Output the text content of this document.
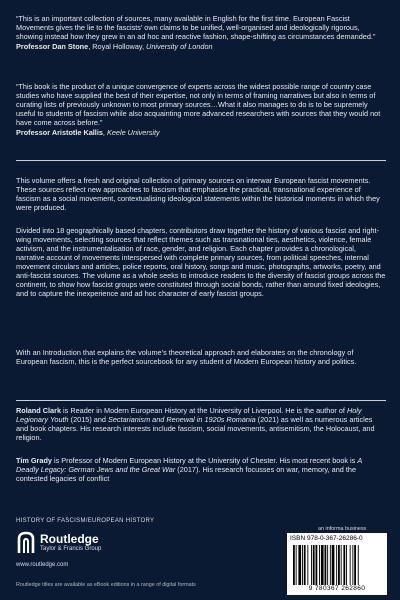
“This is an important collection of sources, many available in English for the first time. European Fascist Movements gives the lie to the fascists’ own claims to be unified, well-organised and ideologically rigorous, showing instead how they grew in an ad hoc and reactive fashion, shape-shifting as circumstances demanded.”

Professor Dan Stone, Royal Holloway, University of London

“This book is the product of a unique convergence of experts across the widest possible range of country case studies who have supplied the best of their expertise, not only in terms of framing narratives but also in terms of curating lists of previously unknown to most primary sources…What it also manages to do is to be supremely useful to students of fascism while also acquainting more advanced researchers with sources that they would not have come across before.”

Professor Aristotle Kallis, Keele University

This volume offers a fresh and original collection of primary sources on interwar European fascist movements. These sources reflect new approaches to fascism that emphasise the practical, transnational experience of fascism as a social movement, contextualising ideological statements within the historical moments in which they were produced.

Divided into 18 geographically based chapters, contributors draw together the history of various fascist and right-wing movements, selecting sources that reflect themes such as transnational ties, aesthetics, violence, female activism, and the instrumentalisation of race, gender, and religion. Each chapter provides a chronological, narrative account of movements interspersed with complete primary sources, from political speeches, internal movement circulars and articles, police reports, oral history, songs and music, photographs, artworks, poetry, and anti-fascist sources. The volume as a whole seeks to introduce readers to the diversity of fascist groups across the continent, to show how fascist groups were constituted through social bonds, rather than around fixed ideologies, and to capture the inexperience and ad hoc character of early fascist groups.

With an Introduction that explains the volume’s theoretical approach and elaborates on the chronology of European fascism, this is the perfect sourcebook for any student of Modern European history and politics.

Roland Clark is Reader in Modern European History at the University of Liverpool. He is the author of Holy Legionary Youth (2015) and Sectarianism and Renewal in 1920s Romania (2021) as well as numerous articles and book chapters. His research interests include fascism, social movements, antisemitism, the Holocaust, and religion.
Tim Grady is Professor of Modern European History at the University of Chester. His most recent book is A Deadly Legacy: German Jews and the Great War (2017). His research focusses on war, memory, and the contested legacies of conflict
HISTORY OF FASCISM/EUROPEAN HISTORY
Routledge
Taylor & Francis Group
www.routledge.com
Routledge titles are available as eBook editions in a range of digital formats
an informa business
ISBN 978-0-367-26286-0
9 780367 262860
